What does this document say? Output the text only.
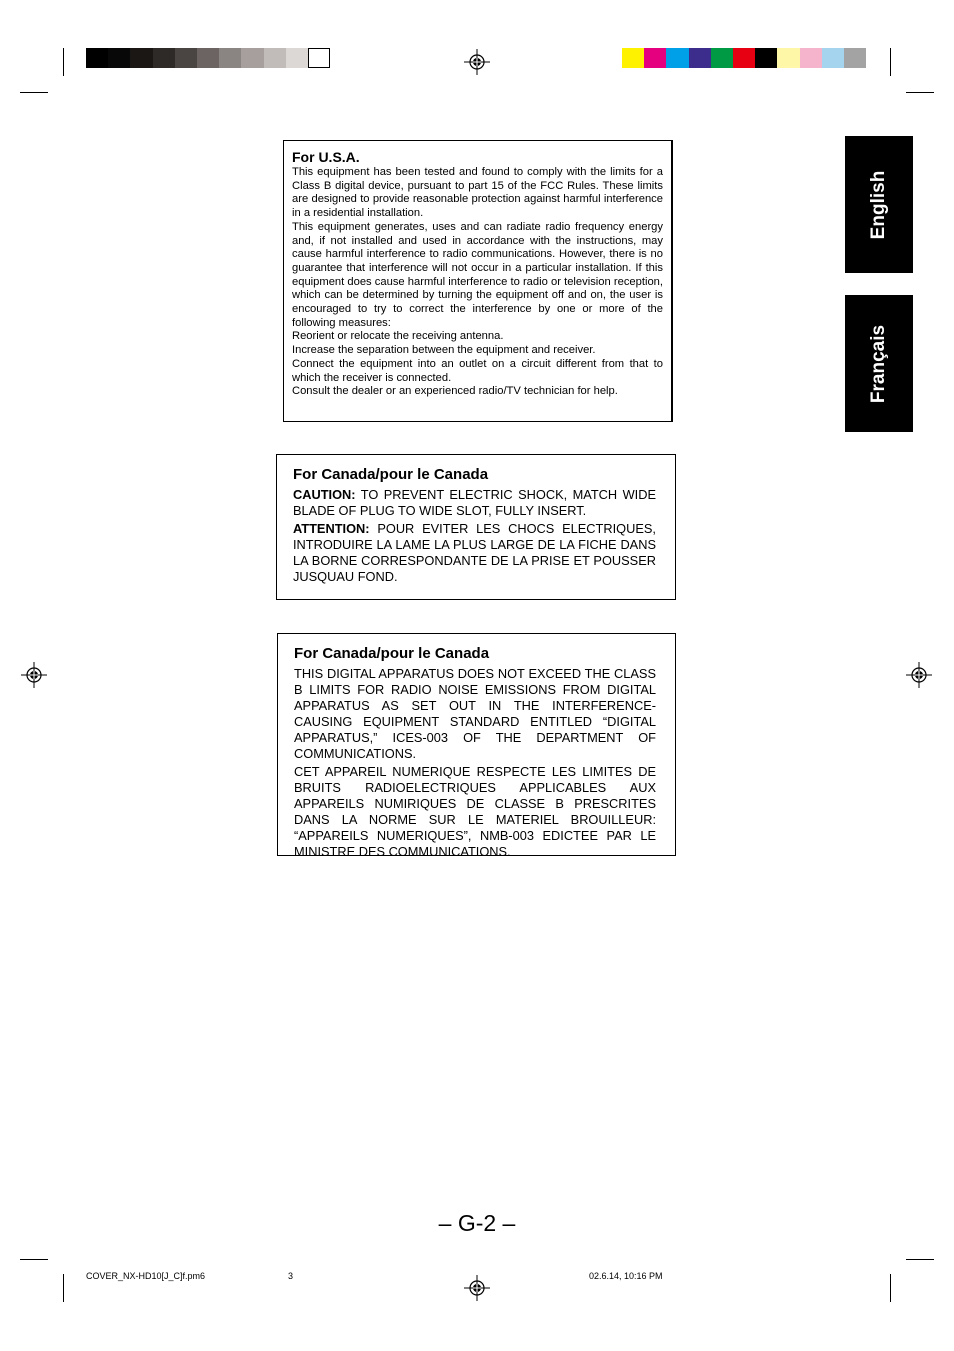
English
Français
For U.S.A.

This equipment has been tested and found to comply with the limits for a Class B digital device, pursuant to part 15 of the FCC Rules. These limits are designed to provide reasonable protection against harmful interference in a residential installation.

This equipment generates, uses and can radiate radio frequency energy and, if not installed and used in accordance with the instructions, may cause harmful interference to radio communications. However, there is no guarantee that interference will not occur in a particular installation. If this equipment does cause harmful interference to radio or television reception, which can be determined by turning the equipment off and on, the user is encouraged to try to correct the interference by one or more of the following measures:

Reorient or relocate the receiving antenna.

Increase the separation between the equipment and receiver.

Connect the equipment into an outlet on a circuit different from that to which the receiver is connected.

Consult the dealer or an experienced radio/TV technician for help.

For Canada/pour le Canada

CAUTION: TO PREVENT ELECTRIC SHOCK, MATCH WIDE BLADE OF PLUG TO WIDE SLOT, FULLY INSERT.

ATTENTION: POUR EVITER LES CHOCS ELECTRIQUES, INTRODUIRE LA LAME LA PLUS LARGE DE LA FICHE DANS LA BORNE CORRESPONDANTE DE LA PRISE ET POUSSER JUSQUAU FOND.

For Canada/pour le Canada

THIS DIGITAL APPARATUS DOES NOT EXCEED THE CLASS B LIMITS FOR RADIO NOISE EMISSIONS FROM DIGITAL APPARATUS AS SET OUT IN THE INTERFERENCE-CAUSING EQUIPMENT STANDARD ENTITLED “DIGITAL APPARATUS,” ICES-003 OF THE DEPARTMENT OF COMMUNICATIONS.

CET APPAREIL NUMERIQUE RESPECTE LES LIMITES DE BRUITS RADIOELECTRIQUES APPLICABLES AUX APPAREILS NUMIRIQUES DE CLASSE B PRESCRITES DANS LA NORME SUR LE MATERIEL BROUILLEUR: “APPAREILS NUMERIQUES”, NMB-003 EDICTEE PAR LE MINISTRE DES COMMUNICATIONS.

– G-2 –
COVER_NX-HD10[J_C]f.pm6	3	02.6.14, 10:16 PM
